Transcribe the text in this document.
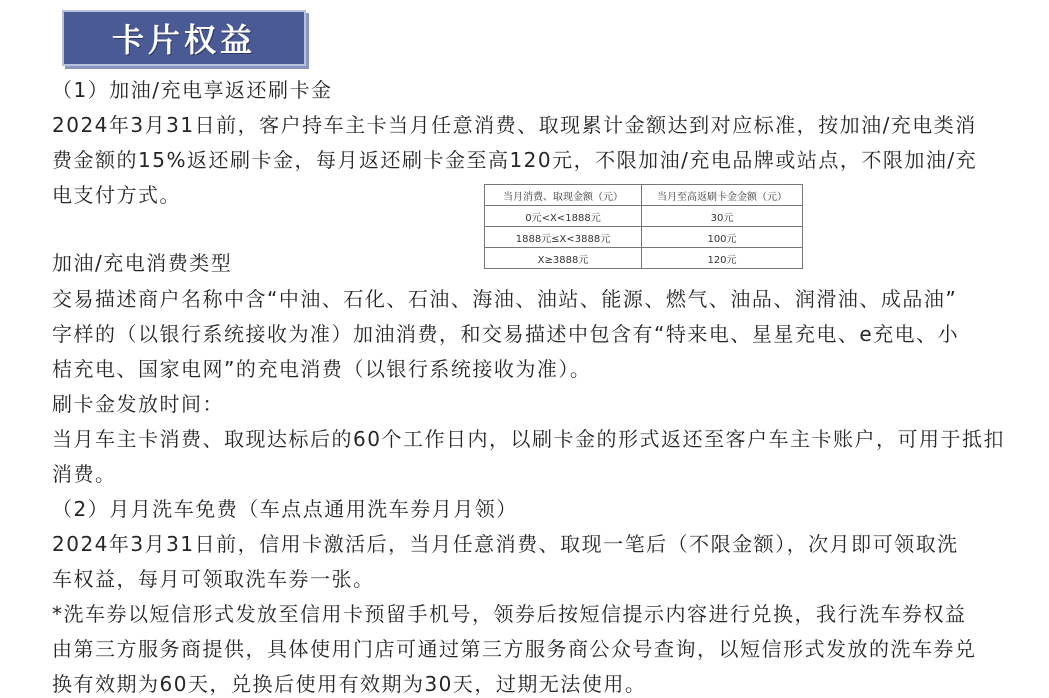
卡片权益
（1）加油/充电享返还刷卡金
2024年3月31日前，客户持车主卡当月任意消费、取现累计金额达到对应标准，按加油/充电类消
费金额的15%返还刷卡金，每月返还刷卡金至高120元，不限加油/充电品牌或站点，不限加油/充
电支付方式。
加油/充电消费类型
交易描述商户名称中含“中油、石化、石油、海油、油站、能源、燃气、油品、润滑油、成品油”
字样的（以银行系统接收为准）加油消费，和交易描述中包含有“特来电、星星充电、e充电、小
桔充电、国家电网”的充电消费（以银行系统接收为准）。
刷卡金发放时间：
当月车主卡消费、取现达标后的60个工作日内，以刷卡金的形式返还至客户车主卡账户，可用于抵扣
消费。
（2）月月洗车免费（车点点通用洗车券月月领）
2024年3月31日前，信用卡激活后，当月任意消费、取现一笔后（不限金额），次月即可领取洗
车权益，每月可领取洗车券一张。
*洗车券以短信形式发放至信用卡预留手机号，领券后按短信提示内容进行兑换，我行洗车券权益
由第三方服务商提供，具体使用门店可通过第三方服务商公众号查询，以短信形式发放的洗车券兑
换有效期为60天，兑换后使用有效期为30天，过期无法使用。
当月消费、取现金额（元）	当月至高返刷卡金金额（元）
0元<X<1888元	30元
1888元≤X<3888元	100元
X≥3888元	120元
